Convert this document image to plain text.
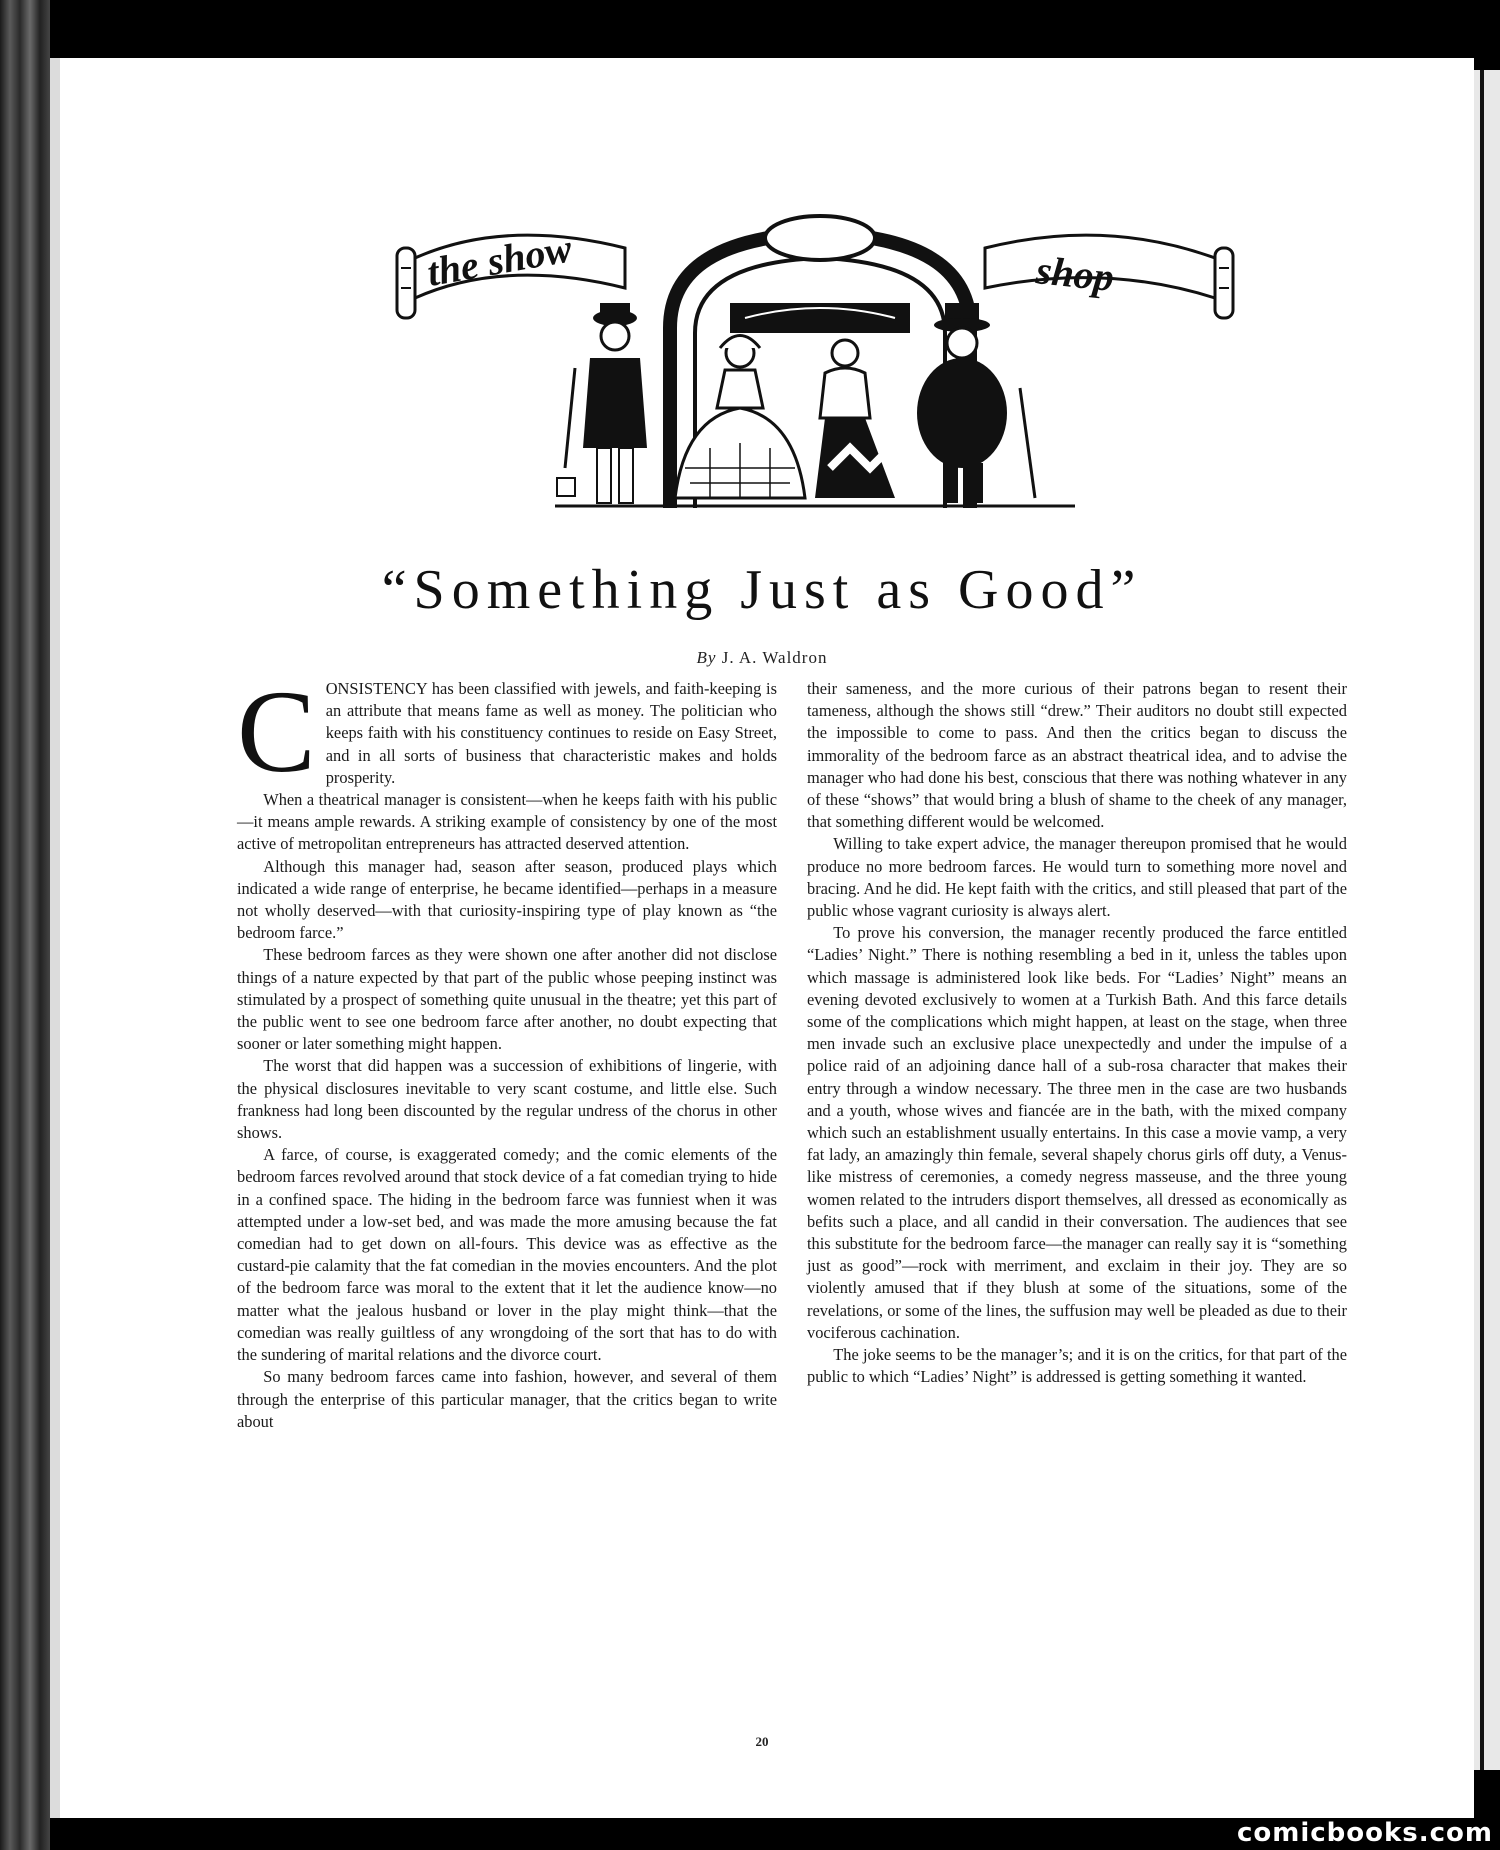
the show	shop
“Something Just as Good”
By J. A. Waldron

CONSISTENCY has been classified with jewels, and faith-keeping is an attribute that means fame as well as money. The politician who keeps faith with his constituency continues to reside on Easy Street, and in all sorts of business that characteristic makes and holds prosperity.

When a theatrical manager is consistent—when he keeps faith with his public—it means ample rewards. A striking example of consistency by one of the most active of metropolitan entrepreneurs has attracted deserved attention.

Although this manager had, season after season, produced plays which indicated a wide range of enterprise, he became identified—perhaps in a measure not wholly deserved—with that curiosity-inspiring type of play known as “the bedroom farce.”

These bedroom farces as they were shown one after another did not disclose things of a nature expected by that part of the public whose peeping instinct was stimulated by a prospect of something quite unusual in the theatre; yet this part of the public went to see one bedroom farce after another, no doubt expecting that sooner or later something might happen.

The worst that did happen was a succession of exhibitions of lingerie, with the physical disclosures inevitable to very scant costume, and little else. Such frankness had long been discounted by the regular undress of the chorus in other shows.

A farce, of course, is exaggerated comedy; and the comic elements of the bedroom farces revolved around that stock device of a fat comedian trying to hide in a confined space. The hiding in the bedroom farce was funniest when it was attempted under a low-set bed, and was made the more amusing because the fat comedian had to get down on all-fours. This device was as effective as the custard-pie calamity that the fat comedian in the movies encounters. And the plot of the bedroom farce was moral to the extent that it let the audience know—no matter what the jealous husband or lover in the play might think—that the comedian was really guiltless of any wrongdoing of the sort that has to do with the sundering of marital relations and the divorce court.

So many bedroom farces came into fashion, however, and several of them through the enterprise of this particular manager, that the critics began to write about

their sameness, and the more curious of their patrons began to resent their tameness, although the shows still “drew.” Their auditors no doubt still expected the impossible to come to pass. And then the critics began to discuss the immorality of the bedroom farce as an abstract theatrical idea, and to advise the manager who had done his best, conscious that there was nothing whatever in any of these “shows” that would bring a blush of shame to the cheek of any manager, that something different would be welcomed.

Willing to take expert advice, the manager thereupon promised that he would produce no more bedroom farces. He would turn to something more novel and bracing. And he did. He kept faith with the critics, and still pleased that part of the public whose vagrant curiosity is always alert.

To prove his conversion, the manager recently produced the farce entitled “Ladies’ Night.” There is nothing resembling a bed in it, unless the tables upon which massage is administered look like beds. For “Ladies’ Night” means an evening devoted exclusively to women at a Turkish Bath. And this farce details some of the complications which might happen, at least on the stage, when three men invade such an exclusive place unexpectedly and under the impulse of a police raid of an adjoining dance hall of a sub-rosa character that makes their entry through a window necessary. The three men in the case are two husbands and a youth, whose wives and fiancée are in the bath, with the mixed company which such an establishment usually entertains. In this case a movie vamp, a very fat lady, an amazingly thin female, several shapely chorus girls off duty, a Venus-like mistress of ceremonies, a comedy negress masseuse, and the three young women related to the intruders disport themselves, all dressed as economically as befits such a place, and all candid in their conversation. The audiences that see this substitute for the bedroom farce—the manager can really say it is “something just as good”—rock with merriment, and exclaim in their joy. They are so violently amused that if they blush at some of the situations, some of the revelations, or some of the lines, the suffusion may well be pleaded as due to their vociferous cachination.

The joke seems to be the manager’s; and it is on the critics, for that part of the public to which “Ladies’ Night” is addressed is getting something it wanted.

20
comicbooks.com
